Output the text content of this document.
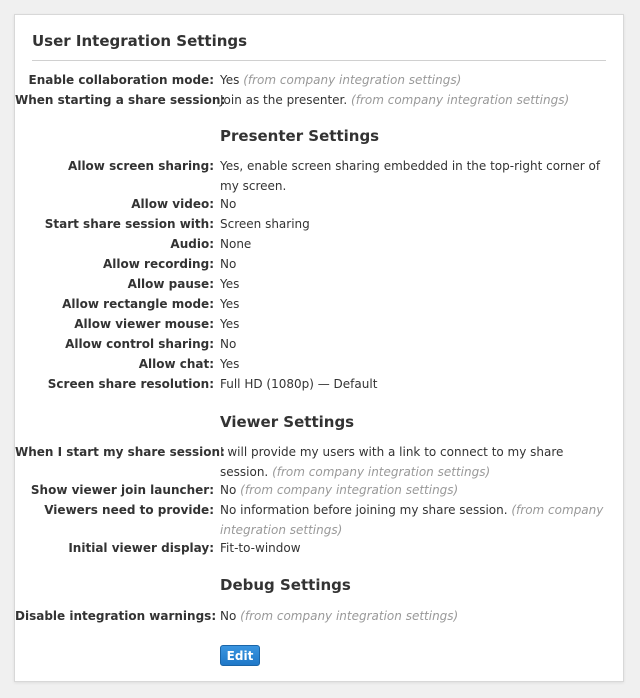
User Integration Settings
Enable collaboration mode: Yes (from company integration settings)
When starting a share session:
Join as the presenter. (from company integration settings)
Presenter Settings
Allow screen sharing: Yes, enable screen sharing embedded in the top-right corner of my screen.
Allow video: No
Start share session with: Screen sharing
Audio: None
Allow recording: No
Allow pause: Yes
Allow rectangle mode: Yes
Allow viewer mouse: Yes
Allow control sharing: No
Allow chat: Yes
Screen share resolution: Full HD (1080p) — Default
Viewer Settings
When I start my share session:
I will provide my users with a link to connect to my share session. (from company integration settings)
Show viewer join launcher: No (from company integration settings)
Viewers need to provide: No information before joining my share session. (from company integration settings)
Initial viewer display: Fit-to-window
Debug Settings
Disable integration warnings: No (from company integration settings)
Edit
